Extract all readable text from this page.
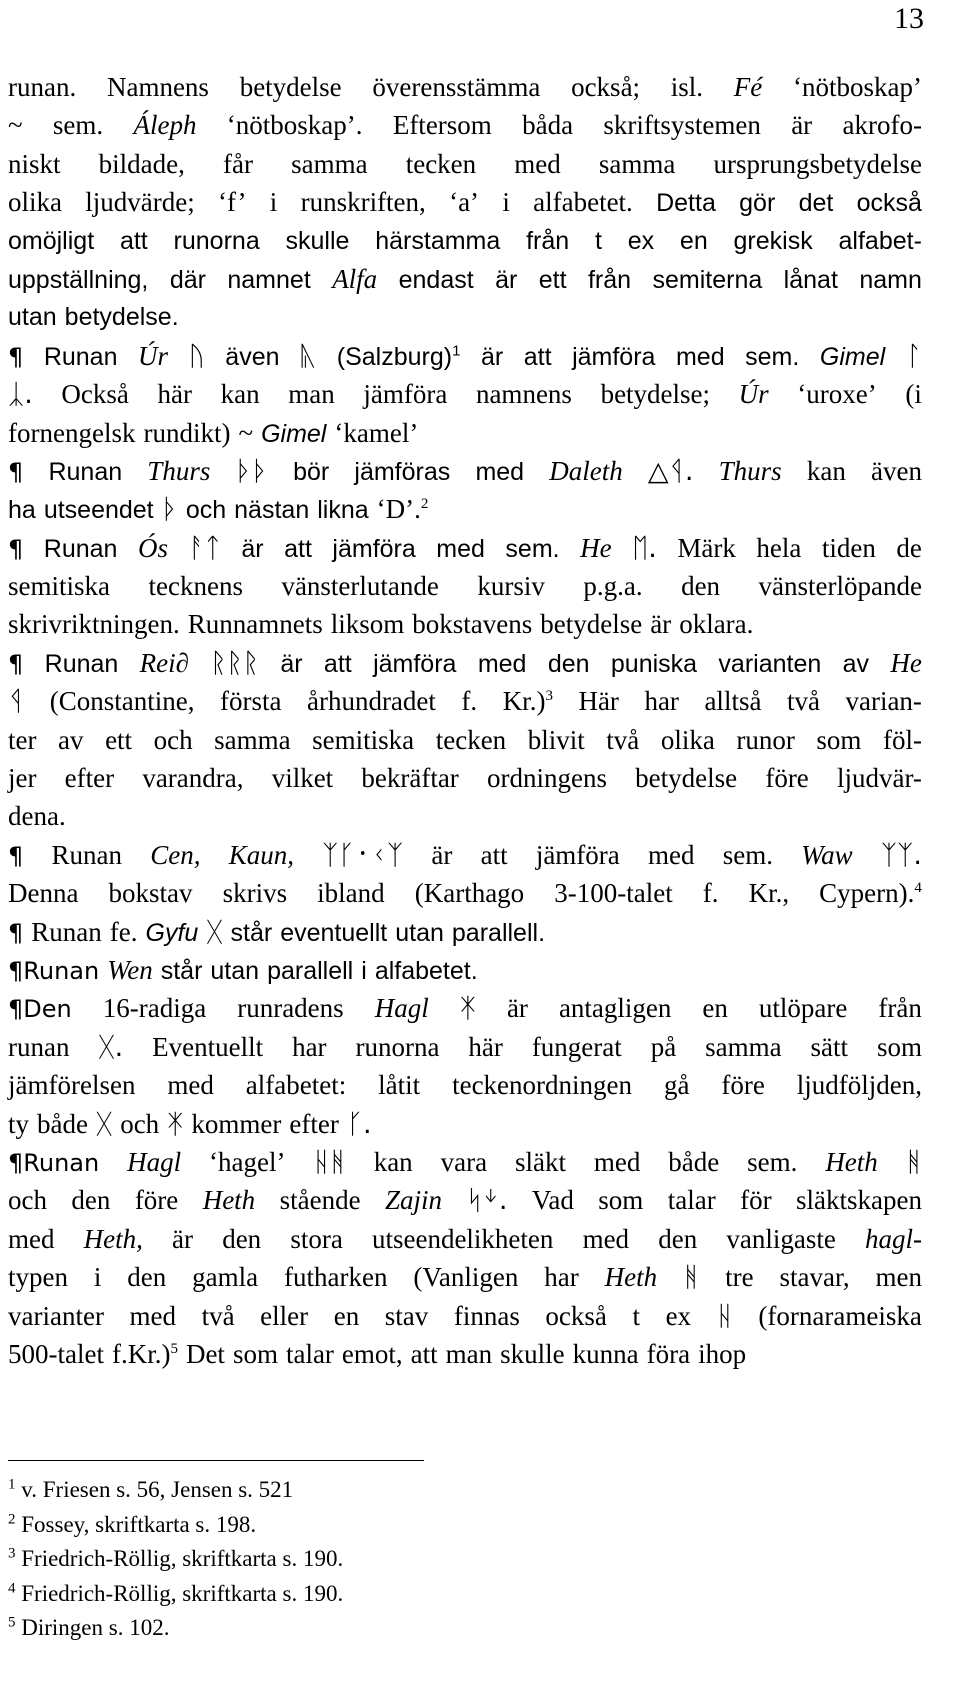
13
runan. Namnens betydelse överensstämma också; isl. Fé ‘nötboskap’
~ sem. Áleph ‘nötboskap’. Eftersom båda skriftsystemen är akrofo-
niskt bildade, får samma tecken med samma ursprungsbetydelse
olika ljudvärde; ‘f’ i runskriften, ‘a’ i alfabetet. Detta gör det också
omöjligt att runorna skulle härstamma från t ex en grekisk alfabet-
uppställning, där namnet Alfa endast är ett från semiterna lånat namn
utan betydelse.
¶ Runan Úr ᚢ även ᚣ (Salzburg)$^1$ är att jämföra med sem. Gimel ᛚ
ᛣ. Också här kan man jämföra namnens betydelse; Úr ‘uroxe’ (i
fornengelsk rundikt) ~ Gimel ‘kamel’
¶ Runan Thurs ᚦᚦ bör jämföras med Daleth △ᛩ. Thurs kan även
ha utseendet ᚦ och nästan likna ‘D’.$^2$
¶ Runan Ós ᚨᛏ är att jämföra med sem. He ᛖ. Märk hela tiden de
semitiska tecknens vänsterlutande kursiv p.g.a. den vänsterlöpande
skrivriktningen. Runnamnets liksom bokstavens betydelse är oklara.
¶ Runan Rei∂ ᚱᚱᚱ är att jämföra med den puniska varianten av He
ᛩ (Constantine, första århundradet f. Kr.)$^3$ Här har alltså två varian-
ter av ett och samma semitiska tecken blivit två olika runor som föl-
jer efter varandra, vilket bekräftar ordningens betydelse före ljudvär-
dena.
¶ Runan Cen, Kaun, ᛉᚴ᛫ᚲᛉ är att jämföra med sem. Waw ᛉᛉ.
Denna bokstav skrivs ibland (Karthago 3-100-talet f. Kr., Cypern).$^4$
¶ Runan fe. Gyfu ᚷ står eventuellt utan parallell.
¶Runan Wen står utan parallell i alfabetet.
¶Den 16-radiga runradens Hagl ᛡ är antagligen en utlöpare från
runan ᚷ. Eventuellt har runorna här fungerat på samma sätt som
jämförelsen med alfabetet: låtit teckenordningen gå före ljudföljden,
ty både ᚷ och ᛡ kommer efter ᚴ.
¶Runan Hagl ‘hagel’ ᚺᚻ kan vara släkt med både sem. Heth ᚻ
och den före Heth stående Zajin ᛋᛎ. Vad som talar för släktskapen
med Heth, är den stora utseendelikheten med den vanligaste hagl-
typen i den gamla futharken (Vanligen har Heth ᚻ tre stavar, men
varianter med två eller en stav finnas också t ex ᚺ (fornarameiska
500-talet f.Kr.)$^5$ Det som talar emot, att man skulle kunna föra ihop
$^1$ v. Friesen s. 56, Jensen s. 521
$^2$ Fossey, skriftkarta s. 198.
$^3$ Friedrich-Röllig, skriftkarta s. 190.
$^4$ Friedrich-Röllig, skriftkarta s. 190.
$^5$ Diringen s. 102.
